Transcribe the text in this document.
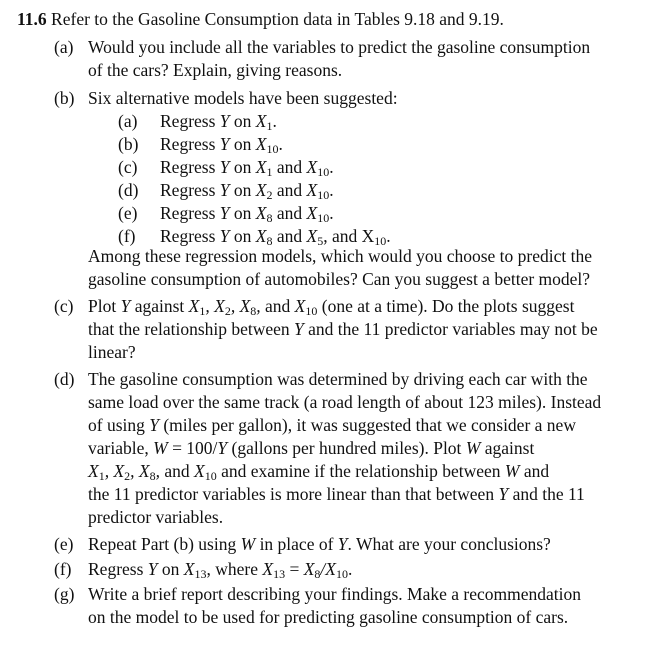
11.6 Refer to the Gasoline Consumption data in Tables 9.18 and 9.19.
(a) Would you include all the variables to predict the gasoline consumption
of the cars? Explain, giving reasons.
(b) Six alternative models have been suggested:
(a) Regress Y on $X_1$.
(b) Regress Y on $X_{10}$.
(c) Regress Y on $X_1$ and $X_{10}$.
(d) Regress Y on $X_2$ and $X_{10}$.
(e) Regress Y on $X_8$ and $X_{10}$.
(f) Regress Y on $X_8$ and $X_5$, and $X_{10}$.
Among these regression models, which would you choose to predict the
gasoline consumption of automobiles? Can you suggest a better model?
(c) Plot Y against $X_1$, $X_2$, $X_8$, and $X_{10}$ (one at a time). Do the plots suggest
that the relationship between Y and the 11 predictor variables may not be
linear?
(d) The gasoline consumption was determined by driving each car with the
same load over the same track (a road length of about 123 miles). Instead
of using Y (miles per gallon), it was suggested that we consider a new
variable, W = 100/Y (gallons per hundred miles). Plot W against
$X_1$, $X_2$, $X_8$, and $X_{10}$ and examine if the relationship between W and
the 11 predictor variables is more linear than that between Y and the 11
predictor variables.
(e) Repeat Part (b) using W in place of Y. What are your conclusions?
(f) Regress Y on $X_{13}$, where $X_{13} = X_8/X_{10}$.
(g) Write a brief report describing your findings. Make a recommendation
on the model to be used for predicting gasoline consumption of cars.
